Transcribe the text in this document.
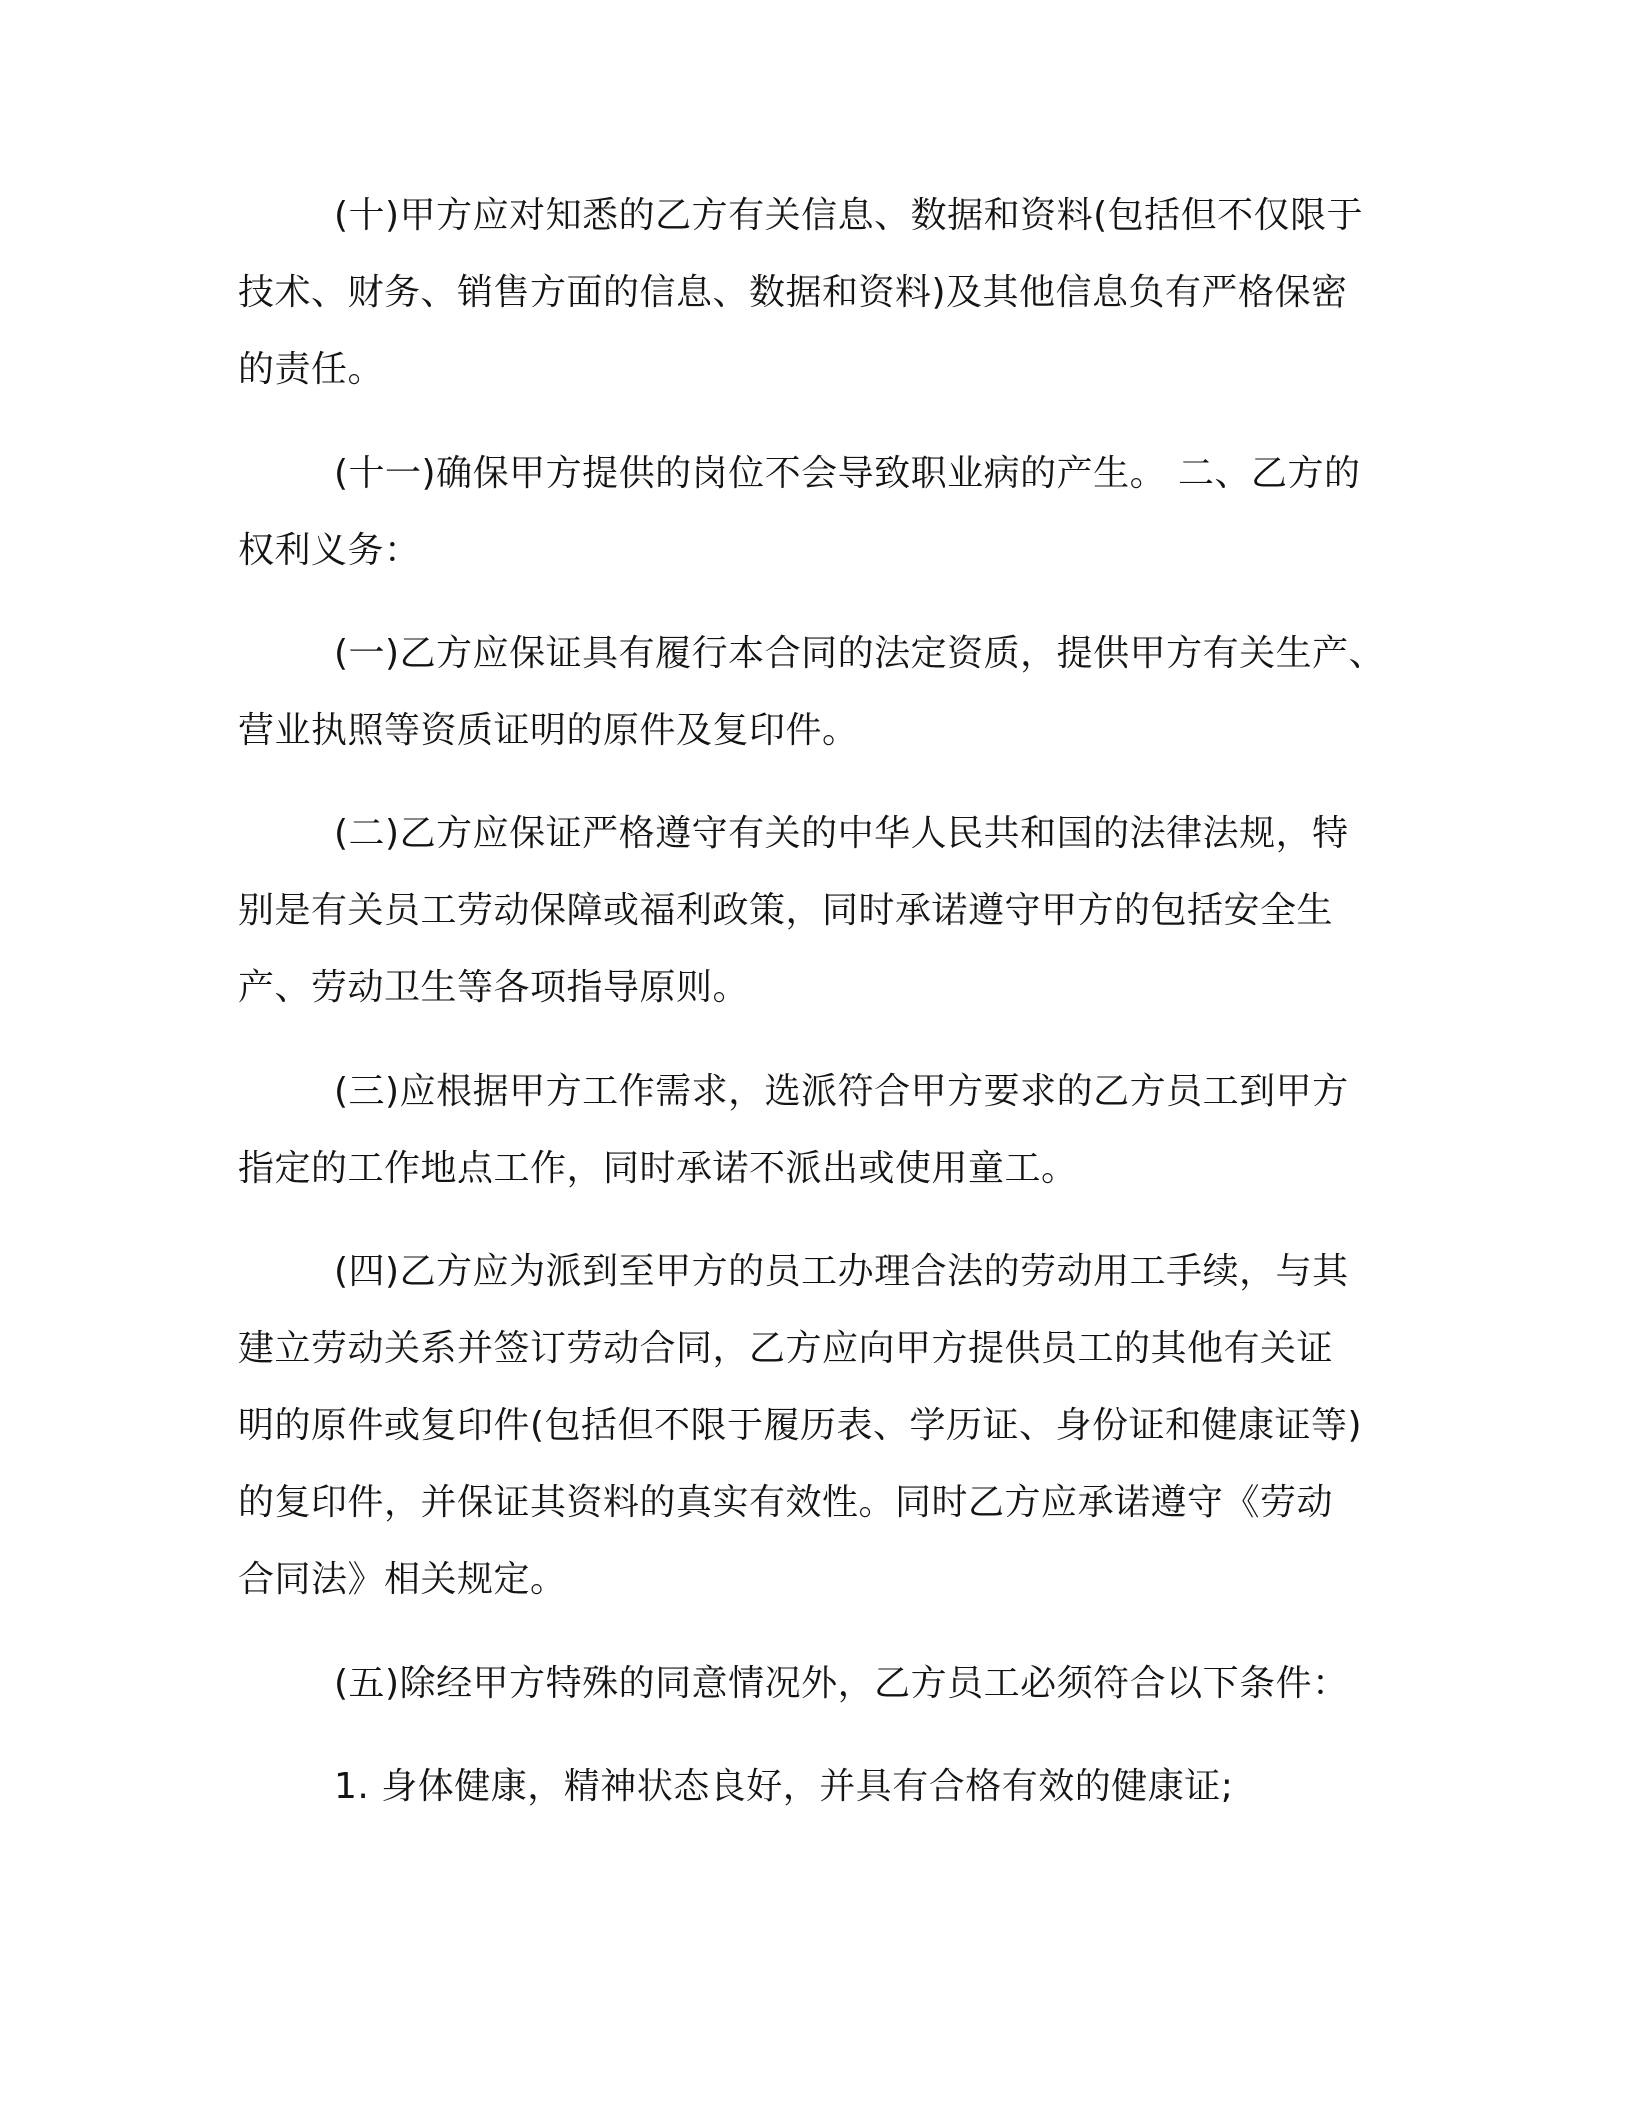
(十)甲方应对知悉的乙方有关信息、数据和资料(包括但不仅限于
技术、财务、销售方面的信息、数据和资料)及其他信息负有严格保密
的责任。
(十一)确保甲方提供的岗位不会导致职业病的产生。 二、乙方的
权利义务：
(一)乙方应保证具有履行本合同的法定资质，提供甲方有关生产、
营业执照等资质证明的原件及复印件。
(二)乙方应保证严格遵守有关的中华人民共和国的法律法规，特
别是有关员工劳动保障或福利政策，同时承诺遵守甲方的包括安全生
产、劳动卫生等各项指导原则。
(三)应根据甲方工作需求，选派符合甲方要求的乙方员工到甲方
指定的工作地点工作，同时承诺不派出或使用童工。
(四)乙方应为派到至甲方的员工办理合法的劳动用工手续，与其
建立劳动关系并签订劳动合同，乙方应向甲方提供员工的其他有关证
明的原件或复印件(包括但不限于履历表、学历证、身份证和健康证等)
的复印件，并保证其资料的真实有效性。同时乙方应承诺遵守《劳动
合同法》相关规定。
(五)除经甲方特殊的同意情况外，乙方员工必须符合以下条件：
1. 身体健康，精神状态良好，并具有合格有效的健康证;
